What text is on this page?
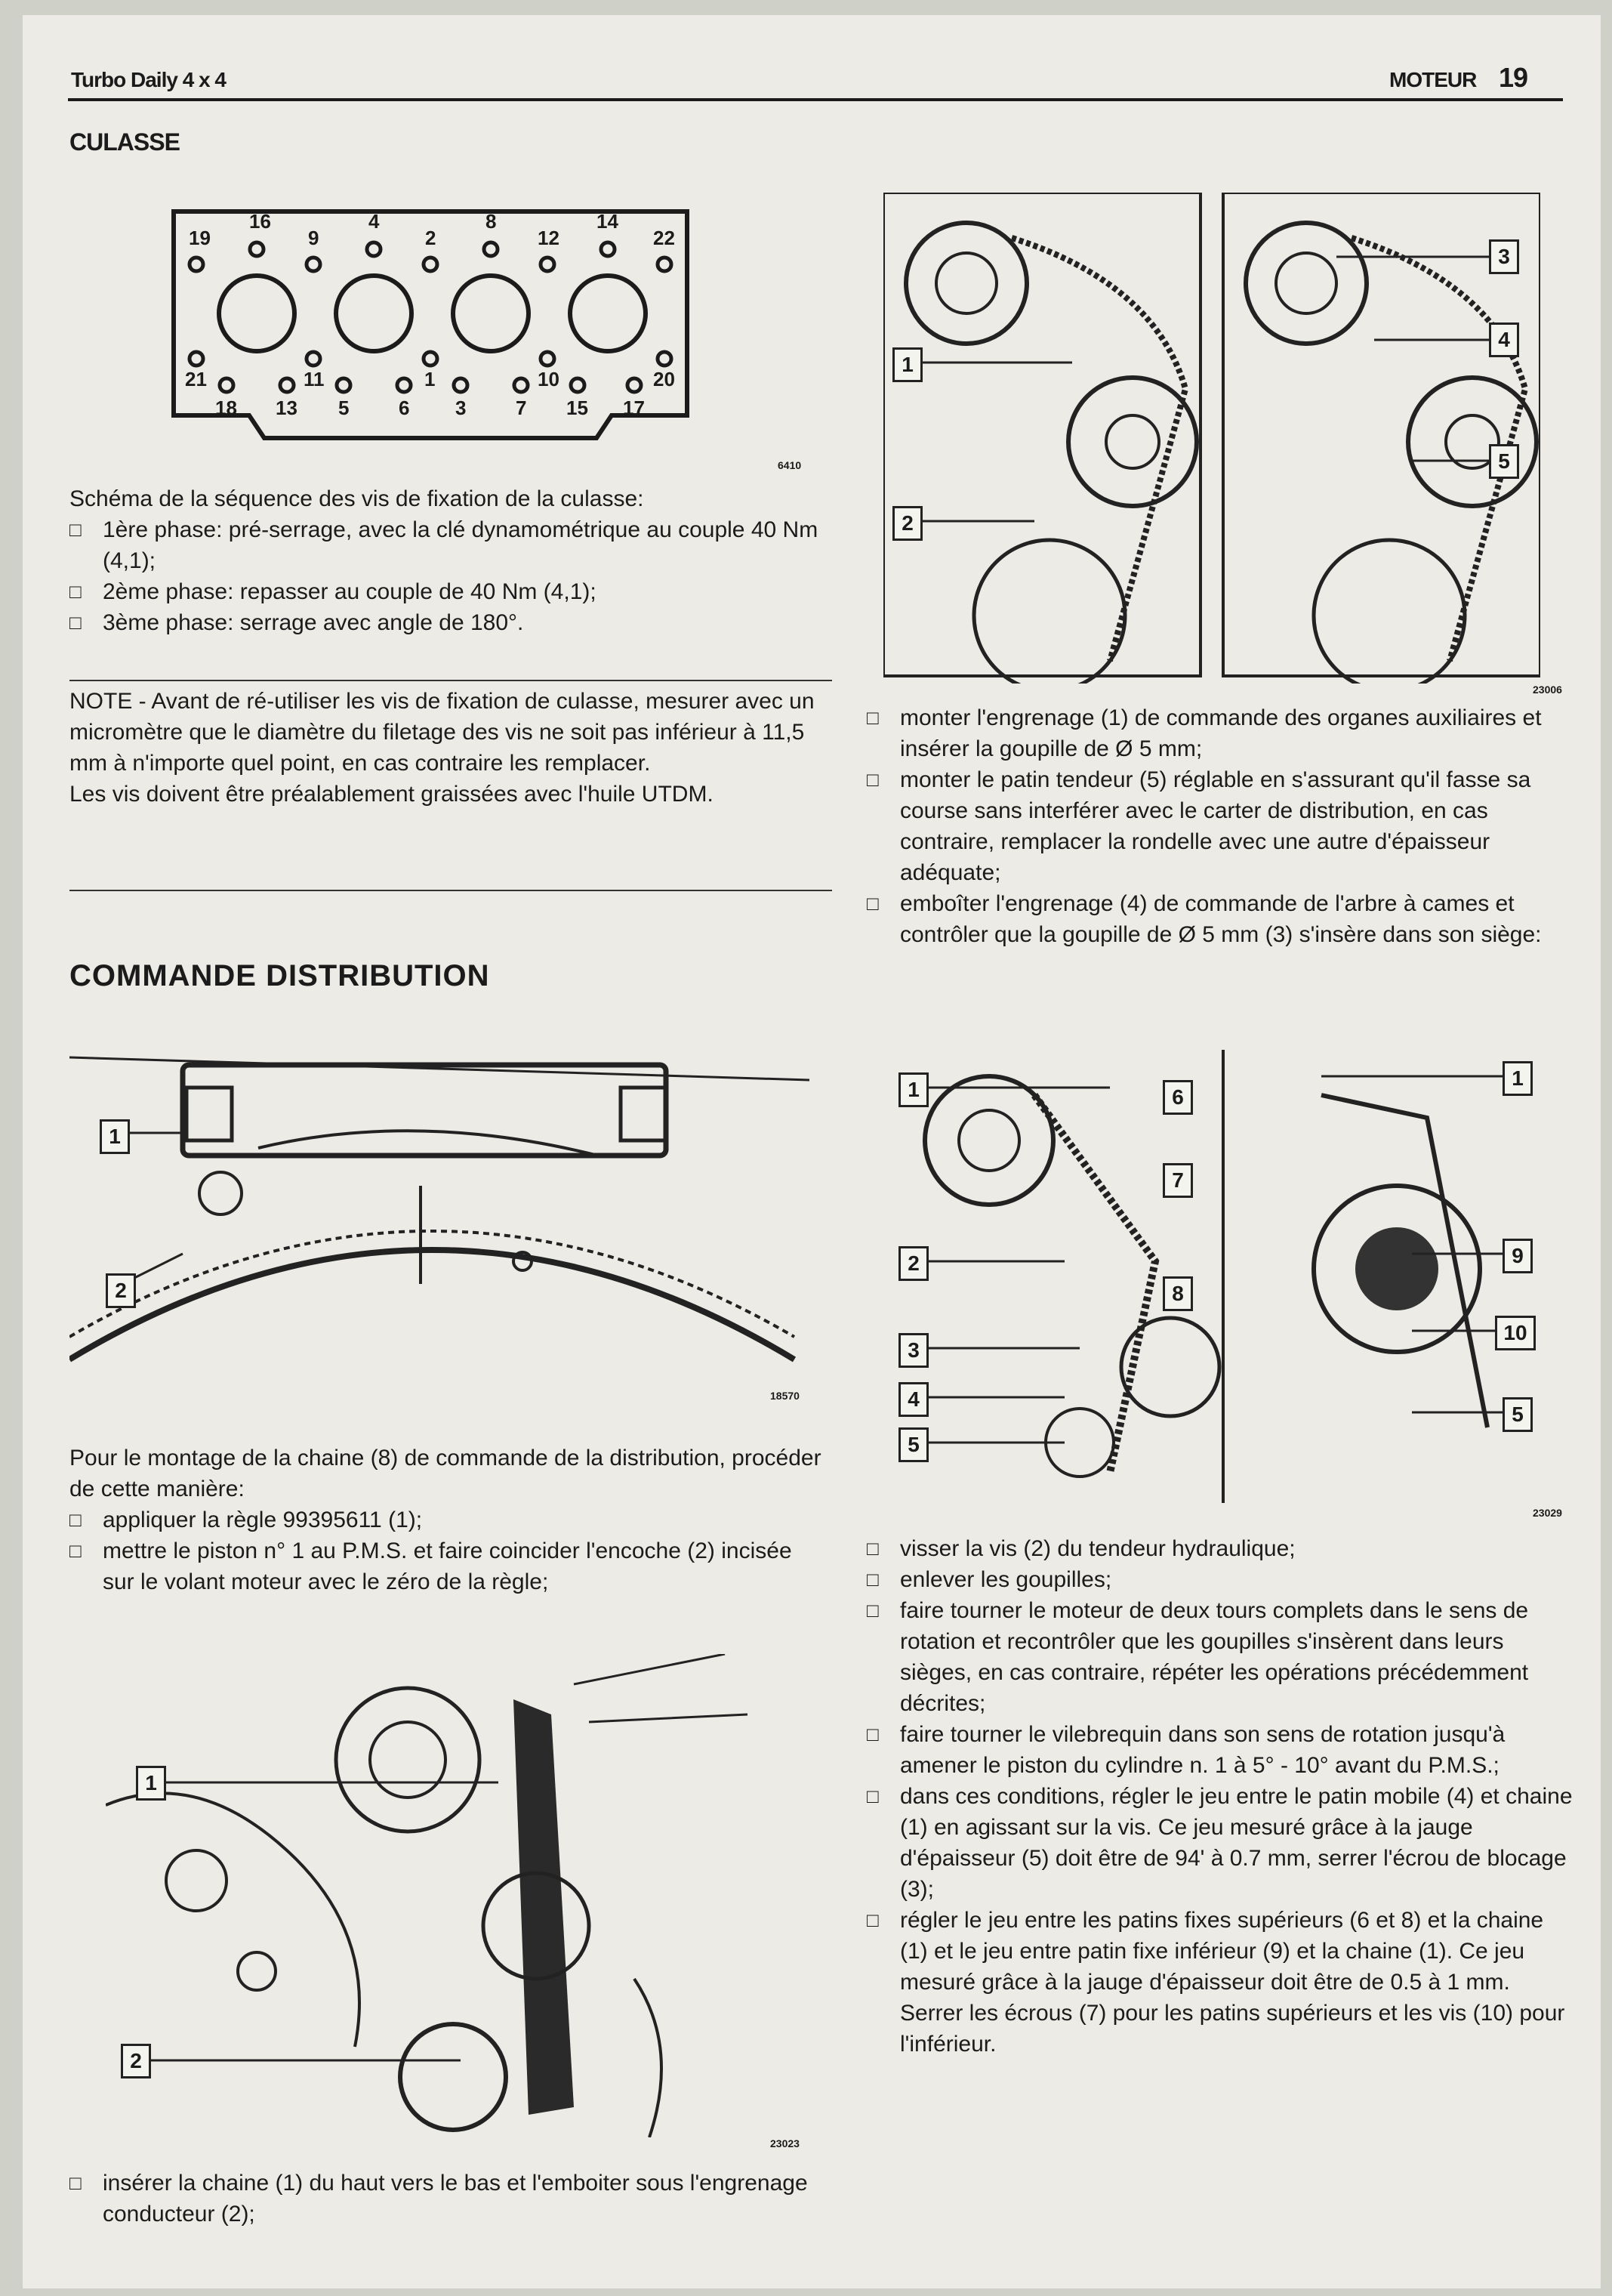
Turbo Daily 4 x 4	MOTEUR 19
CULASSE
19
16
9
4
2
8
12
14
22
21	11	1	10	20
18 13 5	6 3	7 15 17
6410

Schéma de la séquence des vis de fixation de la culasse:

□ 1ère phase: pré-serrage, avec la clé dynamométrique au couple 40 Nm (4,1);

□ 2ème phase: repasser au couple de 40 Nm (4,1);

□ 3ème phase: serrage avec angle de 180°.

NOTE - Avant de ré-utiliser les vis de fixation de culasse, mesurer avec un micromètre que le diamètre du filetage des vis ne soit pas inférieur à 11,5 mm à n'importe quel point, en cas contraire les remplacer.

Les vis doivent être préalablement graissées avec l'huile UTDM.

COMMANDE DISTRIBUTION
1
2
18570

Pour le montage de la chaine (8) de commande de la distribution, procéder de cette manière:

□ appliquer la règle 99395611 (1);

□ mettre le piston n° 1 au P.M.S. et faire coincider l'encoche (2) incisée sur le volant moteur avec le zéro de la règle;

1
2
23023

□ insérer la chaine (1) du haut vers le bas et l'emboiter sous l'engrenage conducteur (2);

1
2
3
4
5
23006

□ monter l'engrenage (1) de commande des organes auxiliaires et insérer la goupille de Ø 5 mm;

□ monter le patin tendeur (5) réglable en s'assurant qu'il fasse sa course sans interférer avec le carter de distribution, en cas contraire, remplacer la rondelle avec une autre d'épaisseur adéquate;

□ emboîter l'engrenage (4) de commande de l'arbre à cames et contrôler que la goupille de Ø 5 mm (3) s'insère dans son siège:

1
2
3
4
5
6
7
8
1
9
10
5
23029

□ visser la vis (2) du tendeur hydraulique;

□ enlever les goupilles;

□ faire tourner le moteur de deux tours complets dans le sens de rotation et recontrôler que les goupilles s'insèrent dans leurs sièges, en cas contraire, répéter les opérations précédemment décrites;

□ faire tourner le vilebrequin dans son sens de rotation jusqu'à amener le piston du cylindre n. 1 à 5° - 10° avant du P.M.S.;

□ dans ces conditions, régler le jeu entre le patin mobile (4) et chaine (1) en agissant sur la vis. Ce jeu mesuré grâce à la jauge d'épaisseur (5) doit être de 94' à 0.7 mm, serrer l'écrou de blocage (3);

□ régler le jeu entre les patins fixes supérieurs (6 et 8) et la chaine (1) et le jeu entre patin fixe inférieur (9) et la chaine (1). Ce jeu mesuré grâce à la jauge d'épaisseur doit être de 0.5 à 1 mm. Serrer les écrous (7) pour les patins supérieurs et les vis (10) pour l'inférieur.
